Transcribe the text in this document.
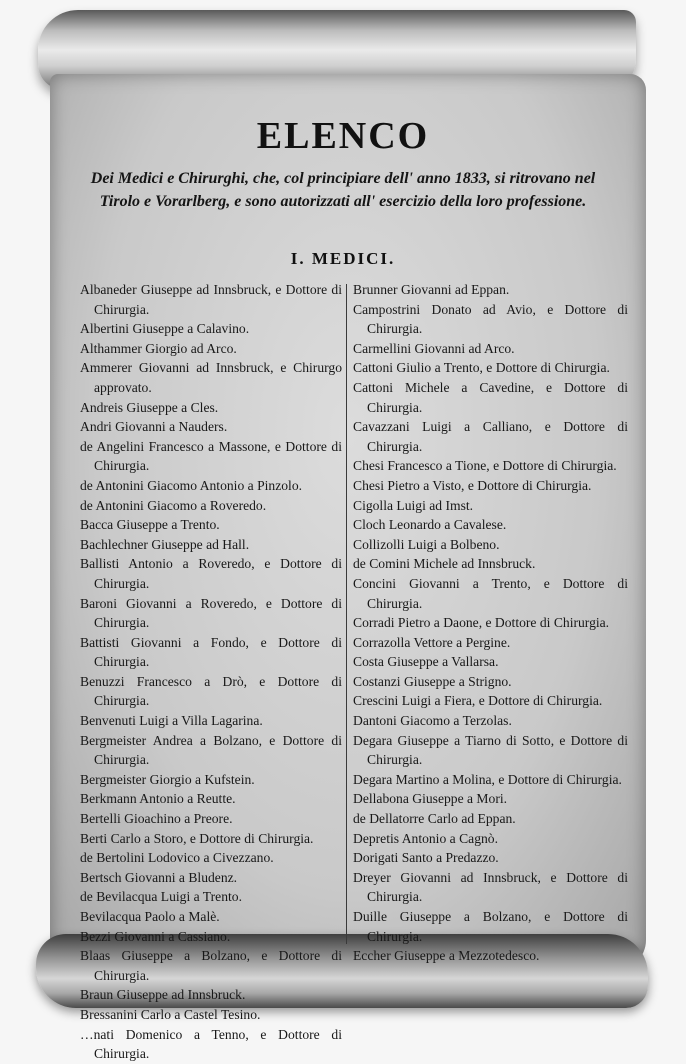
ELENCO
Dei Medici e Chirurghi, che, col principiare dell' anno 1833, si ritrovano nel Tirolo e Vorarlberg, e sono autorizzati all' esercizio della loro professione.
I. MEDICI.
Albaneder Giuseppe ad Innsbruck, e Dottore di Chirurgia.
Albertini Giuseppe a Calavino.
Althammer Giorgio ad Arco.
Ammerer Giovanni ad Innsbruck, e Chirurgo approvato.
Andreis Giuseppe a Cles.
Andri Giovanni a Nauders.
de Angelini Francesco a Massone, e Dottore di Chirurgia.
de Antonini Giacomo Antonio a Pinzolo.
de Antonini Giacomo a Roveredo.
Bacca Giuseppe a Trento.
Bachlechner Giuseppe ad Hall.
Ballisti Antonio a Roveredo, e Dottore di Chirurgia.
Baroni Giovanni a Roveredo, e Dottore di Chirurgia.
Battisti Giovanni a Fondo, e Dottore di Chirurgia.
Benuzzi Francesco a Drò, e Dottore di Chirurgia.
Benvenuti Luigi a Villa Lagarina.
Bergmeister Andrea a Bolzano, e Dottore di Chirurgia.
Bergmeister Giorgio a Kufstein.
Berkmann Antonio a Reutte.
Bertelli Gioachino a Preore.
Berti Carlo a Storo, e Dottore di Chirurgia.
de Bertolini Lodovico a Civezzano.
Bertsch Giovanni a Bludenz.
de Bevilacqua Luigi a Trento.
Bevilacqua Paolo a Malè.
Bezzi Giovanni a Cassiano.
Blaas Giuseppe a Bolzano, e Dottore di Chirurgia.
Braun Giuseppe ad Innsbruck.
Bressanini Carlo a Castel Tesino.
…nati Domenico a Tenno, e Dottore di Chirurgia.
Brunner Giovanni ad Eppan.
Campostrini Donato ad Avio, e Dottore di Chirurgia.
Carmellini Giovanni ad Arco.
Cattoni Giulio a Trento, e Dottore di Chirurgia.
Cattoni Michele a Cavedine, e Dottore di Chirurgia.
Cavazzani Luigi a Calliano, e Dottore di Chirurgia.
Chesi Francesco a Tione, e Dottore di Chirurgia.
Chesi Pietro a Visto, e Dottore di Chirurgia.
Cigolla Luigi ad Imst.
Cloch Leonardo a Cavalese.
Collizolli Luigi a Bolbeno.
de Comini Michele ad Innsbruck.
Concini Giovanni a Trento, e Dottore di Chirurgia.
Corradi Pietro a Daone, e Dottore di Chirurgia.
Corrazolla Vettore a Pergine.
Costa Giuseppe a Vallarsa.
Costanzi Giuseppe a Strigno.
Crescini Luigi a Fiera, e Dottore di Chirurgia.
Dantoni Giacomo a Terzolas.
Degara Giuseppe a Tiarno di Sotto, e Dottore di Chirurgia.
Degara Martino a Molina, e Dottore di Chirurgia.
Dellabona Giuseppe a Mori.
de Dellatorre Carlo ad Eppan.
Depretis Antonio a Cagnò.
Dorigati Santo a Predazzo.
Dreyer Giovanni ad Innsbruck, e Dottore di Chirurgia.
Duille Giuseppe a Bolzano, e Dottore di Chirurgia.
Eccher Giuseppe a Mezzotedesco.
